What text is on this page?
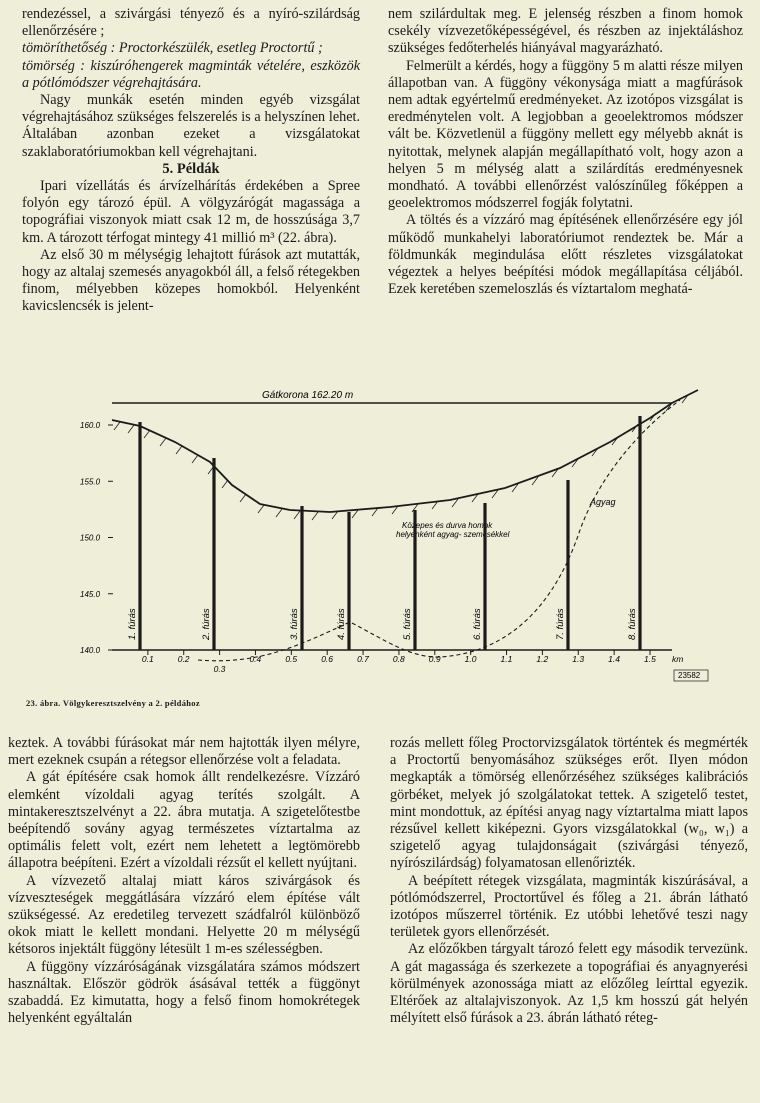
rendezéssel, a szivárgási tényező és a nyíró-szilárdság ellenőrzésére ;

tömöríthetőség : Proctorkészülék, esetleg Proctortű ;

tömörség : kiszúróhengerek magminták vételére, eszközök a pótlómódszer végrehajtására.

Nagy munkák esetén minden egyéb vizsgálat végrehajtásához szükséges felszerelés is a helyszínen lehet. Általában azonban ezeket a vizsgálatokat szaklaboratóriumokban kell végrehajtani.

5. Példák

Ipari vízellátás és árvízelhárítás érdekében a Spree folyón egy tározó épül. A völgyzárógát magassága a topográfiai viszonyok miatt csak 12 m, de hosszúsága 3,7 km. A tározott térfogat mintegy 41 millió m³ (22. ábra).

Az első 30 m mélységig lehajtott fúrások azt mutatták, hogy az altalaj szemesés anyagokból áll, a felső rétegekben finom, mélyebben közepes homokból. Helyenként kavicslencsék is jelent-

nem szilárdultak meg. E jelenség részben a finom homok csekély vízvezetőképességével, és részben az injektáláshoz szükséges fedőterhelés hiányával magyarázható.

Felmerült a kérdés, hogy a függöny 5 m alatti része milyen állapotban van. A függöny vékonysága miatt a magfúrások nem adtak egyértelmű eredményeket. Az izotópos vizsgálat is eredménytelen volt. A legjobban a geoelektromos módszer vált be. Közvetlenül a függöny mellett egy mélyebb aknát is nyitottak, melynek alapján megállapítható volt, hogy azon a helyen 5 m mélység alatt a szilárdítás eredményesnek mondható. A további ellenőrzést valószínűleg főképpen a geoelektromos módszerrel fogják folytatni.

A töltés és a vízzáró mag építésének ellenőrzésére egy jól működő munkahelyi laboratóriumot rendeztek be. Már a földmunkák megindulása előtt részletes vizsgálatokat végeztek a helyes beépítési módok megállapítása céljából. Ezek keretében szemeloszlás és víztartalom meghatá-

Gátkorona 162.20 m
Agyag
Közepes és durva homok
helyenként agyag- szemcsékkel
23582
160.0
155.0
150.0
145.0
140.0
0.1	0.2
0.3
0.4	0.5	0.6	0.7	0.8	0.9	1.0	1.1	1.2	1.3	1.4	1.5 km
1. fúrás	2. fúrás	3. fúrás	4. fúrás	5. fúrás	6. fúrás	7. fúrás	8. fúrás
23. ábra. Völgykeresztszelvény a 2. példához

keztek. A további fúrásokat már nem hajtották ilyen mélyre, mert ezeknek csupán a rétegsor ellenőrzése volt a feladata.

A gát építésére csak homok állt rendelkezésre. Vízzáró elemként vízoldali agyag terítés szolgált. A mintakeresztszelvényt a 22. ábra mutatja. A szigetelőtestbe beépítendő sovány agyag természetes víztartalma az optimális felett volt, ezért nem lehetett a legtömörebb állapotra beépíteni. Ezért a vízoldali rézsűt el kellett nyújtani.

A vízvezető altalaj miatt káros szivárgások és vízveszteségek meggátlására vízzáró elem építése vált szükségessé. Az eredetileg tervezett szádfalról különböző okok miatt le kellett mondani. Helyette 20 m mélységű kétsoros injektált függöny létesült 1 m-es szélességben.

A függöny vízzáróságának vizsgálatára számos módszert használtak. Először gödrök ásásával tették a függönyt szabaddá. Ez kimutatta, hogy a felső finom homokrétegek helyenként egyáltalán

rozás mellett főleg Proctorvizsgálatok történtek és megmérték a Proctortű benyomásához szükséges erőt. Ilyen módon megkapták a tömörség ellenőrzéséhez szükséges kalibrációs görbéket, melyek jó szolgálatokat tettek. A szigetelő testet, mint mondottuk, az építési anyag nagy víztartalma miatt lapos rézsűvel kellett kiképezni. Gyors vizsgálatokkal (w₀, w₁) a szigetelő agyag tulajdonságait (szivárgási tényező, nyírószilárdság) folyamatosan ellenőrizték.

A beépített rétegek vizsgálata, magminták kiszúrásával, a pótlómódszerrel, Proctortűvel és főleg a 21. ábrán látható izotópos műszerrel történik. Ez utóbbi lehetővé teszi nagy területek gyors ellenőrzését.

Az előzőkben tárgyalt tározó felett egy második tervezünk. A gát magassága és szerkezete a topográfiai és anyagnyerési körülmények azonossága miatt az előzőleg leírttal egyezik. Eltérőek az altalajviszonyok. Az 1,5 km hosszú gát helyén mélyített első fúrások a 23. ábrán látható réteg-
